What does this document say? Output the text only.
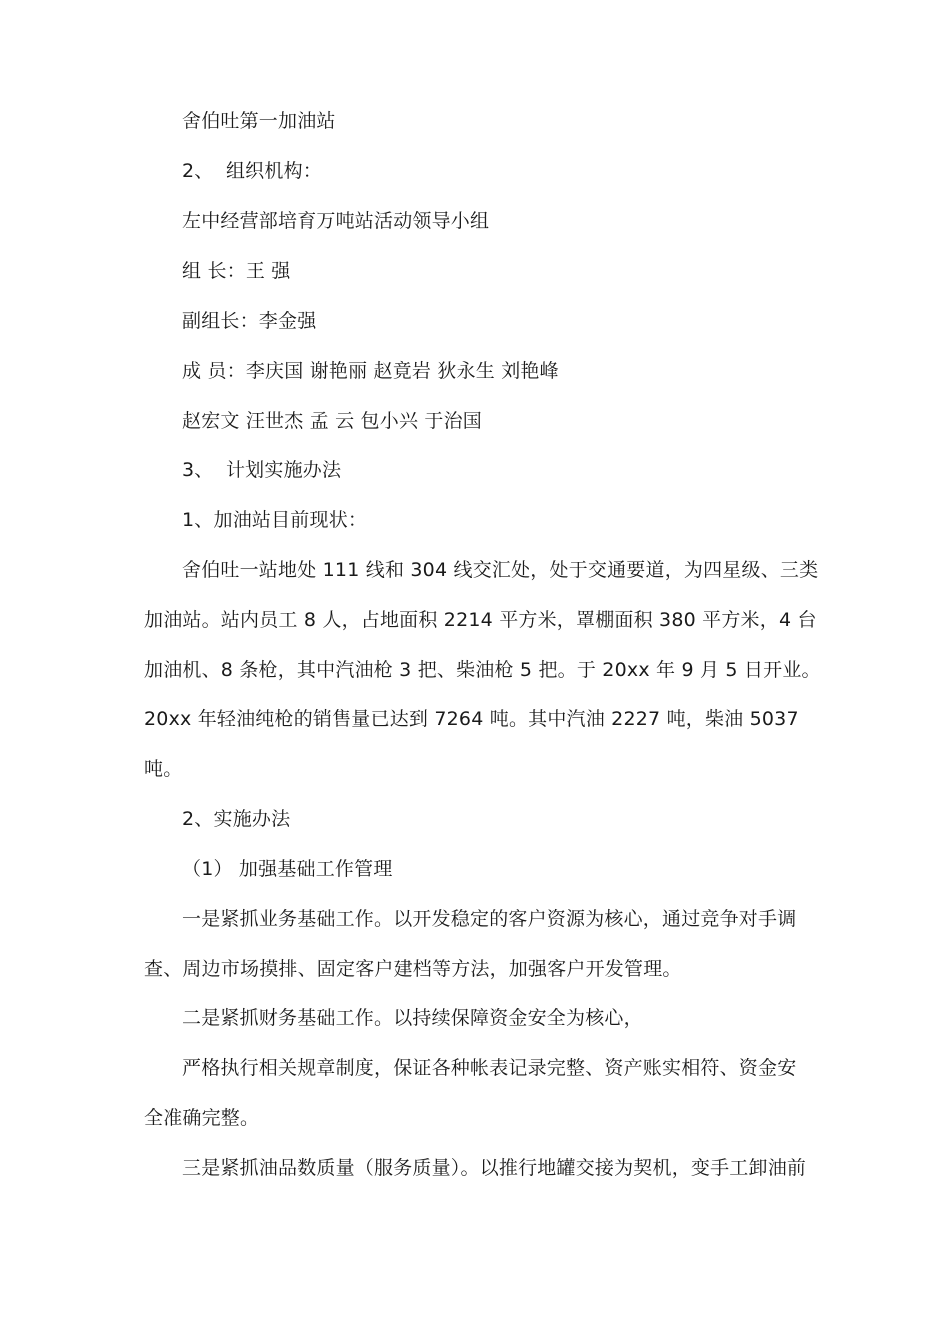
舍伯吐第一加油站
2、  组织机构：
左中经营部培育万吨站活动领导小组
组 长：王 强
副组长：李金强
成 员：李庆国 谢艳丽 赵竟岩 狄永生 刘艳峰
赵宏文 汪世杰 孟 云 包小兴 于治国
3、  计划实施办法
1、加油站目前现状：
舍伯吐一站地处 111 线和 304 线交汇处，处于交通要道，为四星级、三类
加油站。站内员工 8 人，占地面积 2214 平方米，罩棚面积 380 平方米，4 台
加油机、8 条枪，其中汽油枪 3 把、柴油枪 5 把。于 20xx 年 9 月 5 日开业。
20xx 年轻油纯枪的销售量已达到 7264 吨。其中汽油 2227 吨，柴油 5037
吨。
2、实施办法
（1） 加强基础工作管理
一是紧抓业务基础工作。以开发稳定的客户资源为核心，通过竞争对手调
查、周边市场摸排、固定客户建档等方法，加强客户开发管理。
二是紧抓财务基础工作。以持续保障资金安全为核心，
严格执行相关规章制度，保证各种帐表记录完整、资产账实相符、资金安
全准确完整。
三是紧抓油品数质量（服务质量）。以推行地罐交接为契机，变手工卸油前
